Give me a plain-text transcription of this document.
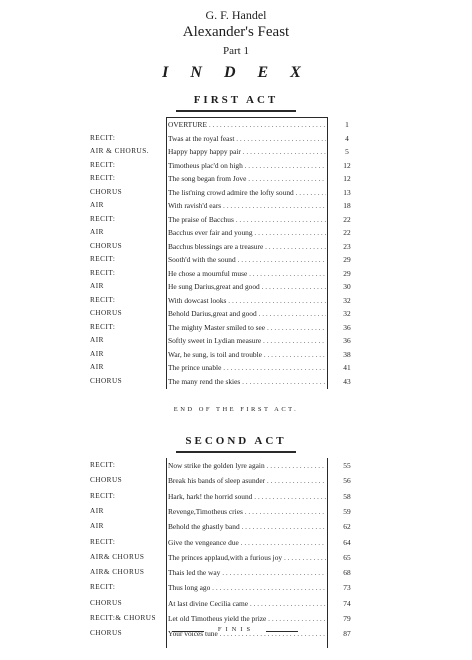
G. F. Handel
Alexander's Feast
Part 1
I N D E X
FIRST ACT
OVERTURE . . .	1
RECIT:	Twas at the royal feast . . .	4
AIR & CHORUS.	Happy happy happy pair . . .	5
RECIT:	Timotheus plac'd on high . . .	12
RECIT:	The song began from Jove . . .	12
CHORUS	The list'ning crowd admire the lofty sound . . .	13
AIR	With ravish'd ears . . .	18
RECIT:	The praise of Bacchus . . .	22
AIR	Bacchus ever fair and young . . .	22
CHORUS	Bacchus blessings are a treasure . . .	23
RECIT:	Sooth'd with the sound . . .	29
RECIT:	He chose a mournful muse . . .	29
AIR	He sung Darius,great and good . . .	30
RECIT:	With dowcast looks . . .	32
CHORUS	Behold Darius,great and good . . .	32
RECIT:	The mighty Master smiled to see . . .	36
AIR	Softly sweet in Lydian measure . . .	36
AIR	War, he sung, is toil and trouble . . .	38
AIR	The prince unable . . .	41
CHORUS	The many rend the skies . . .	43
END OF THE FIRST ACT.
SECOND ACT
RECIT:	Now strike the golden lyre again . . .	55
CHORUS	Break his bands of sleep asunder . . .	56
RECIT:	Hark, hark! the horrid sound . . .	58
AIR	Revenge,Timotheus cries . . .	59
AIR	Behold the ghastly band . . .	62
RECIT:	Give the vengeance due . . .	64
AIR& CHORUS	The princes applaud,with a furious joy . . .	65
AIR& CHORUS	Thais led the way . . .	68
RECIT:	Thus long ago . . .	73
CHORUS	At last divine Cecilia came . . .	74
RECIT:& CHORUS	Let old Timotheus yield the prize . . .	79
CHORUS	Your voices tune . . .	87
FINIS
